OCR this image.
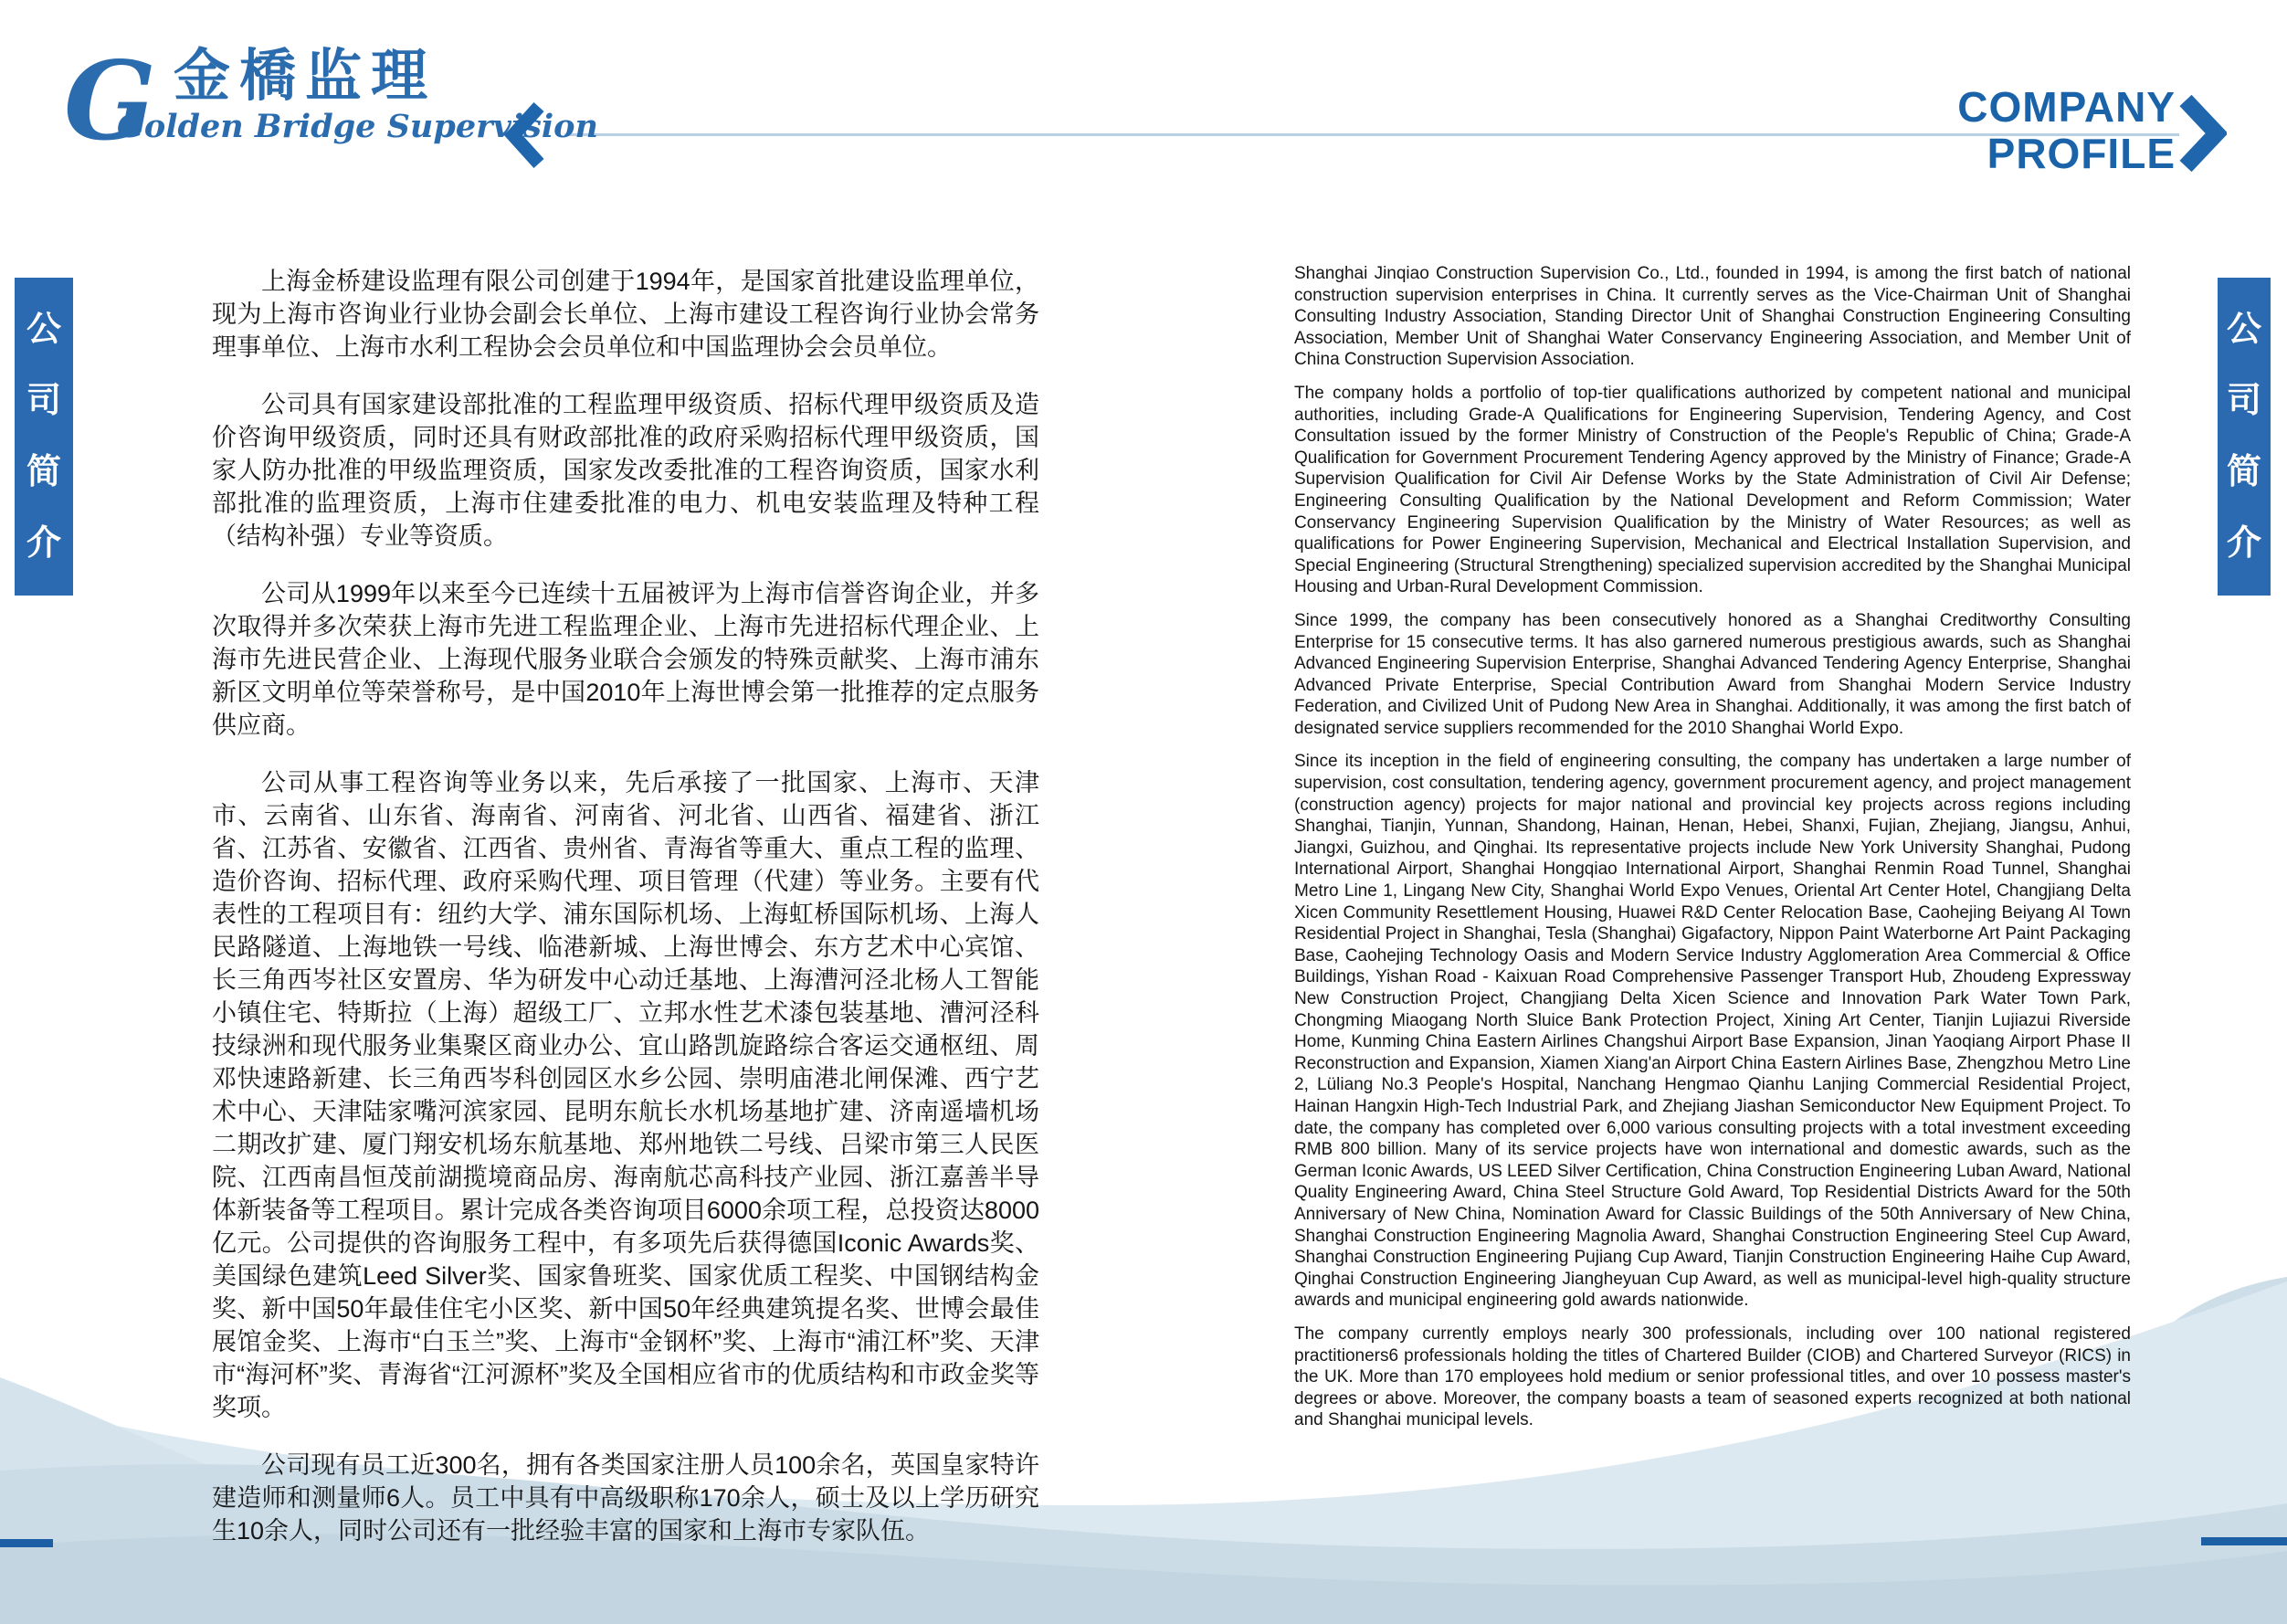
G 金橋监理
Golden Bridge Supervision	COMPANY
PROFILE
公
司
简
介
公
司
简
介

上海金桥建设监理有限公司创建于1994年，是国家首批建设监理单位，现为上海市咨询业行业协会副会长单位、上海市建设工程咨询行业协会常务理事单位、上海市水利工程协会会员单位和中国监理协会会员单位。

公司具有国家建设部批准的工程监理甲级资质、招标代理甲级资质及造价咨询甲级资质，同时还具有财政部批准的政府采购招标代理甲级资质，国家人防办批准的甲级监理资质，国家发改委批准的工程咨询资质，国家水利部批准的监理资质，上海市住建委批准的电力、机电安装监理及特种工程（结构补强）专业等资质。

公司从1999年以来至今已连续十五届被评为上海市信誉咨询企业，并多次取得并多次荣获上海市先进工程监理企业、上海市先进招标代理企业、上海市先进民营企业、上海现代服务业联合会颁发的特殊贡献奖、上海市浦东新区文明单位等荣誉称号，是中国2010年上海世博会第一批推荐的定点服务供应商。

公司从事工程咨询等业务以来，先后承接了一批国家、上海市、天津市、云南省、山东省、海南省、河南省、河北省、山西省、福建省、浙江省、江苏省、安徽省、江西省、贵州省、青海省等重大、重点工程的监理、造价咨询、招标代理、政府采购代理、项目管理（代建）等业务。主要有代表性的工程项目有：纽约大学、浦东国际机场、上海虹桥国际机场、上海人民路隧道、上海地铁一号线、临港新城、上海世博会、东方艺术中心宾馆、长三角西岑社区安置房、华为研发中心动迁基地、上海漕河泾北杨人工智能小镇住宅、特斯拉（上海）超级工厂、立邦水性艺术漆包装基地、漕河泾科技绿洲和现代服务业集聚区商业办公、宜山路凯旋路综合客运交通枢纽、周邓快速路新建、长三角西岑科创园区水乡公园、崇明庙港北闸保滩、西宁艺术中心、天津陆家嘴河滨家园、昆明东航长水机场基地扩建、济南遥墙机场二期改扩建、厦门翔安机场东航基地、郑州地铁二号线、吕梁市第三人民医院、江西南昌恒茂前湖揽境商品房、海南航芯高科技产业园、浙江嘉善半导体新装备等工程项目。累计完成各类咨询项目6000余项工程，总投资达8000亿元。公司提供的咨询服务工程中，有多项先后获得德国Iconic Awards奖、美国绿色建筑Leed Silver奖、国家鲁班奖、国家优质工程奖、中国钢结构金奖、新中国50年最佳住宅小区奖、新中国50年经典建筑提名奖、世博会最佳展馆金奖、上海市“白玉兰”奖、上海市“金钢杯”奖、上海市“浦江杯”奖、天津市“海河杯”奖、青海省“江河源杯”奖及全国相应省市的优质结构和市政金奖等奖项。

公司现有员工近300名，拥有各类国家注册人员100余名，英国皇家特许建造师和测量师6人。员工中具有中高级职称170余人，硕士及以上学历研究生10余人，同时公司还有一批经验丰富的国家和上海市专家队伍。

Shanghai Jinqiao Construction Supervision Co., Ltd., founded in 1994, is among the first batch of national construction supervision enterprises in China. It currently serves as the Vice-Chairman Unit of Shanghai Consulting Industry Association, Standing Director Unit of Shanghai Construction Engineering Consulting Association, Member Unit of Shanghai Water Conservancy Engineering Association, and Member Unit of China Construction Supervision Association.

The company holds a portfolio of top-tier qualifications authorized by competent national and municipal authorities, including Grade-A Qualifications for Engineering Supervision, Tendering Agency, and Cost Consultation issued by the former Ministry of Construction of the People's Republic of China; Grade-A Qualification for Government Procurement Tendering Agency approved by the Ministry of Finance; Grade-A Supervision Qualification for Civil Air Defense Works by the State Administration of Civil Air Defense; Engineering Consulting Qualification by the National Development and Reform Commission; Water Conservancy Engineering Supervision Qualification by the Ministry of Water Resources; as well as qualifications for Power Engineering Supervision, Mechanical and Electrical Installation Supervision, and Special Engineering (Structural Strengthening) specialized supervision accredited by the Shanghai Municipal Housing and Urban-Rural Development Commission.

Since 1999, the company has been consecutively honored as a Shanghai Creditworthy Consulting Enterprise for 15 consecutive terms. It has also garnered numerous prestigious awards, such as Shanghai Advanced Engineering Supervision Enterprise, Shanghai Advanced Tendering Agency Enterprise, Shanghai Advanced Private Enterprise, Special Contribution Award from Shanghai Modern Service Industry Federation, and Civilized Unit of Pudong New Area in Shanghai. Additionally, it was among the first batch of designated service suppliers recommended for the 2010 Shanghai World Expo.

Since its inception in the field of engineering consulting, the company has undertaken a large number of supervision, cost consultation, tendering agency, government procurement agency, and project management (construction agency) projects for major national and provincial key projects across regions including Shanghai, Tianjin, Yunnan, Shandong, Hainan, Henan, Hebei, Shanxi, Fujian, Zhejiang, Jiangsu, Anhui, Jiangxi, Guizhou, and Qinghai. Its representative projects include New York University Shanghai, Pudong International Airport, Shanghai Hongqiao International Airport, Shanghai Renmin Road Tunnel, Shanghai Metro Line 1, Lingang New City, Shanghai World Expo Venues, Oriental Art Center Hotel, Changjiang Delta Xicen Community Resettlement Housing, Huawei R&D Center Relocation Base, Caohejing Beiyang AI Town Residential Project in Shanghai, Tesla (Shanghai) Gigafactory, Nippon Paint Waterborne Art Paint Packaging Base, Caohejing Technology Oasis and Modern Service Industry Agglomeration Area Commercial & Office Buildings, Yishan Road - Kaixuan Road Comprehensive Passenger Transport Hub, Zhoudeng Expressway New Construction Project, Changjiang Delta Xicen Science and Innovation Park Water Town Park, Chongming Miaogang North Sluice Bank Protection Project, Xining Art Center, Tianjin Lujiazui Riverside Home, Kunming China Eastern Airlines Changshui Airport Base Expansion, Jinan Yaoqiang Airport Phase II Reconstruction and Expansion, Xiamen Xiang'an Airport China Eastern Airlines Base, Zhengzhou Metro Line 2, Lüliang No.3 People's Hospital, Nanchang Hengmao Qianhu Lanjing Commercial Residential Project, Hainan Hangxin High-Tech Industrial Park, and Zhejiang Jiashan Semiconductor New Equipment Project. To date, the company has completed over 6,000 various consulting projects with a total investment exceeding RMB 800 billion. Many of its service projects have won international and domestic awards, such as the German Iconic Awards, US LEED Silver Certification, China Construction Engineering Luban Award, National Quality Engineering Award, China Steel Structure Gold Award, Top Residential Districts Award for the 50th Anniversary of New China, Nomination Award for Classic Buildings of the 50th Anniversary of New China, Shanghai Construction Engineering Magnolia Award, Shanghai Construction Engineering Steel Cup Award, Shanghai Construction Engineering Pujiang Cup Award, Tianjin Construction Engineering Haihe Cup Award, Qinghai Construction Engineering Jiangheyuan Cup Award, as well as municipal-level high-quality structure awards and municipal engineering gold awards nationwide.

The company currently employs nearly 300 professionals, including over 100 national registered practitioners6 professionals holding the titles of Chartered Builder (CIOB) and Chartered Surveyor (RICS) in the UK. More than 170 employees hold medium or senior professional titles, and over 10 possess master's degrees or above. Moreover, the company boasts a team of seasoned experts recognized at both national and Shanghai municipal levels.
